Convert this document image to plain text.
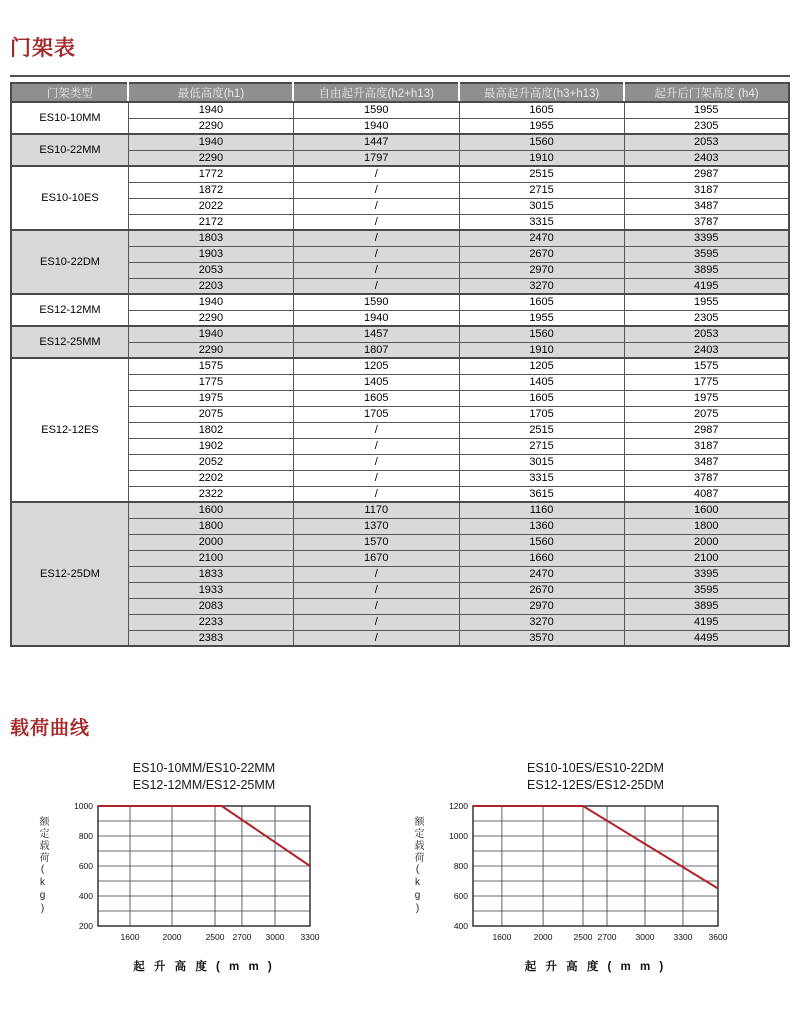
门架表
门架类型	最低高度(h1)	自由起升高度(h2+h13)	最高起升高度(h3+h13)	起升后门架高度 (h4)
ES10-10MM	1940	1590	1605	1955
	2290	1940	1955	2305
ES10-22MM	1940	1447	1560	2053
	2290	1797	1910	2403
ES10-10ES	1772	/	2515	2987
	1872	/	2715	3187
	2022	/	3015	3487
	2172	/	3315	3787
ES10-22DM	1803	/	2470	3395
	1903	/	2670	3595
	2053	/	2970	3895
	2203	/	3270	4195
ES12-12MM	1940	1590	1605	1955
	2290	1940	1955	2305
ES12-25MM	1940	1457	1560	2053
	2290	1807	1910	2403
ES12-12ES	1575	1205	1205	1575
	1775	1405	1405	1775
	1975	1605	1605	1975
	2075	1705	1705	2075
	1802	/	2515	2987
	1902	/	2715	3187
	2052	/	3015	3487
	2202	/	3315	3787
	2322	/	3615	4087
ES12-25DM	1600	1170	1160	1600
	1800	1370	1360	1800
	2000	1570	1560	2000
	2100	1670	1660	2100
	1833	/	2470	3395
	1933	/	2670	3595
	2083	/	2970	3895
	2233	/	3270	4195
	2383	/	3570	4495
载荷曲线
ES10-10MM/ES10-22MM
ES12-12MM/ES12-25MM
额定载荷(kg)
1000
800
600
400
200
1600	2000	2500 2700 3000 3300
起 升 高 度 ( m m )
ES10-10ES/ES10-22DM
ES12-12ES/ES12-25DM
额定载荷(kg)
1200
1000
800
600
400
1600	2000 2500 2700 3000 3300 3600
起 升 高 度 ( m m )
